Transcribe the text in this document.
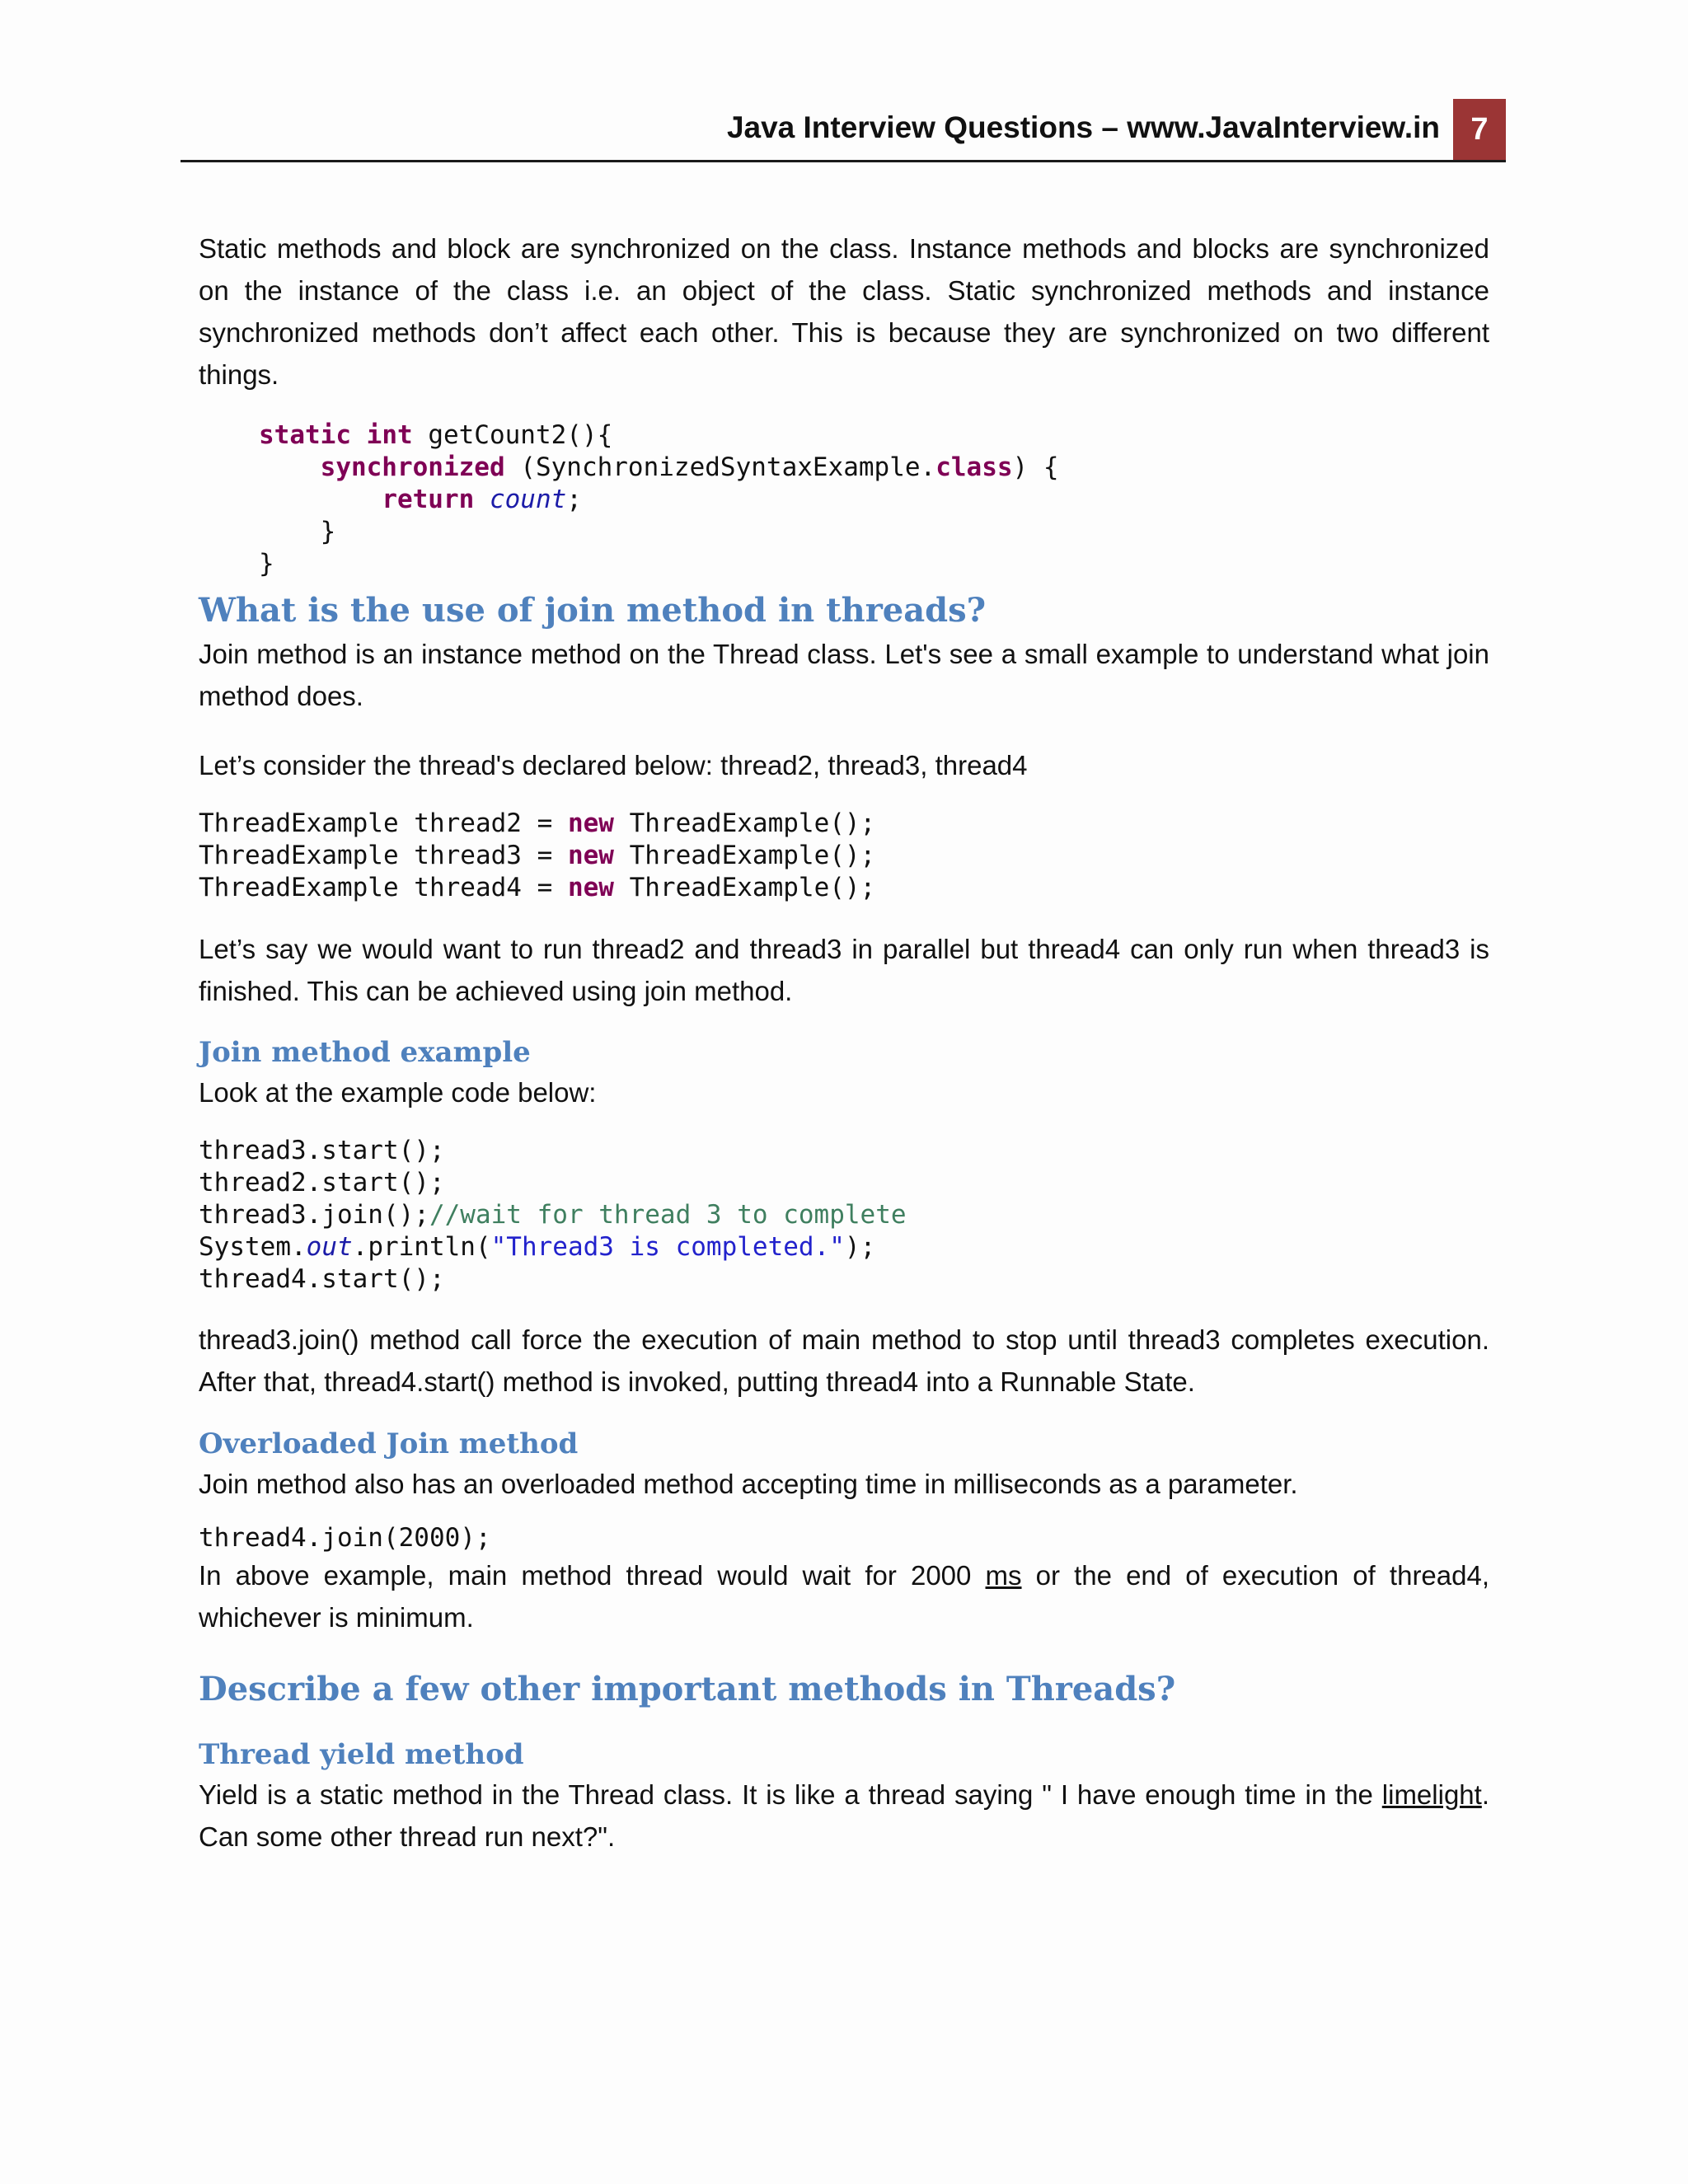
Java Interview Questions – www.JavaInterview.in 7

Static methods and block are synchronized on the class. Instance methods and blocks are synchronized on the instance of the class i.e. an object of the class. Static synchronized methods and instance synchronized methods don’t affect each other. This is because they are synchronized on two different things.

static int getCount2(){
synchronized (SynchronizedSyntaxExample.class) {
return count;
}
}
What is the use of join method in threads?

Join method is an instance method on the Thread class. Let's see a small example to understand what join method does.

Let’s consider the thread's declared below: thread2, thread3, thread4

ThreadExample thread2 = new ThreadExample();
ThreadExample thread3 = new ThreadExample();
ThreadExample thread4 = new ThreadExample();

Let’s say we would want to run thread2 and thread3 in parallel but thread4 can only run when thread3 is finished. This can be achieved using join method.

Join method example

Look at the example code below:

thread3.start();
thread2.start();
thread3.join();//wait for thread 3 to complete
System.out.println("Thread3 is completed.");
thread4.start();

thread3.join() method call force the execution of main method to stop until thread3 completes execution. After that, thread4.start() method is invoked, putting thread4 into a Runnable State.

Overloaded Join method

Join method also has an overloaded method accepting time in milliseconds as a parameter.

thread4.join(2000);

In above example, main method thread would wait for 2000 ms or the end of execution of thread4, whichever is minimum.

Describe a few other important methods in Threads?
Thread yield method

Yield is a static method in the Thread class. It is like a thread saying " I have enough time in the limelight. Can some other thread run next?".
